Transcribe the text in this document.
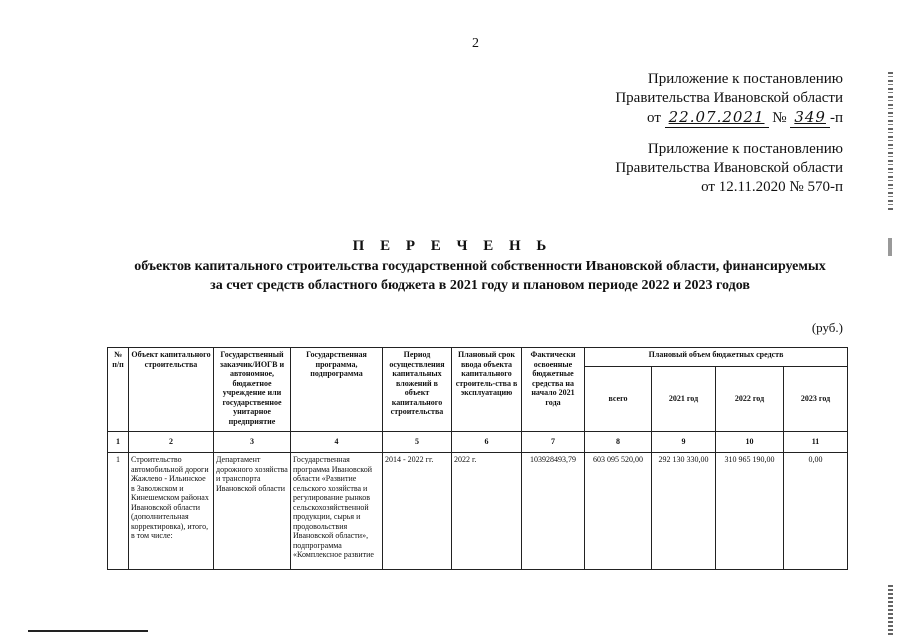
2
Приложение к постановлению
Правительства Ивановской области
от 22.07.2021 № 349 -п
Приложение к постановлению
Правительства Ивановской области
от 12.11.2020 № 570-п
П Е Р Е Ч Е Н Ь
объектов капитального строительства государственной собственности Ивановской области, финансируемых
за счет средств областного бюджета в 2021 году и плановом периоде 2022 и 2023 годов
(руб.)
№ п/п	Объект капитального строительства	Государственный заказчик/ИОГВ и автономное, бюджетное учреждение или государственное унитарное предприятие	Государственная программа, подпрограмма	Период осуществления капитальных вложений в объект капитального строительства	Плановый срок ввода объекта капитального строитель-ства в эксплуатацию	Фактически освоенные бюджетные средства на начало 2021 года	Плановый объем бюджетных средств			
							всего	2021 год	2022 год	2023 год
1	2	3	4	5	6	7	8	9	10	11
1	Строительство автомобильной дороги Жажлево - Ильинское в Заволжском и Кинешемском районах Ивановской области (дополнительная корректировка), итого, в том числе:	Департамент дорожного хозяйства и транспорта Ивановской области	Государственная программа Ивановской области «Развитие сельского хозяйства и регулирование рынков сельскохозяйственной продукции, сырья и продовольствия Ивановской области», подпрограмма «Комплексное развитие	2014 - 2022 гг.	2022 г.	103928493,79	603 095 520,00	292 130 330,00	310 965 190,00	0,00
